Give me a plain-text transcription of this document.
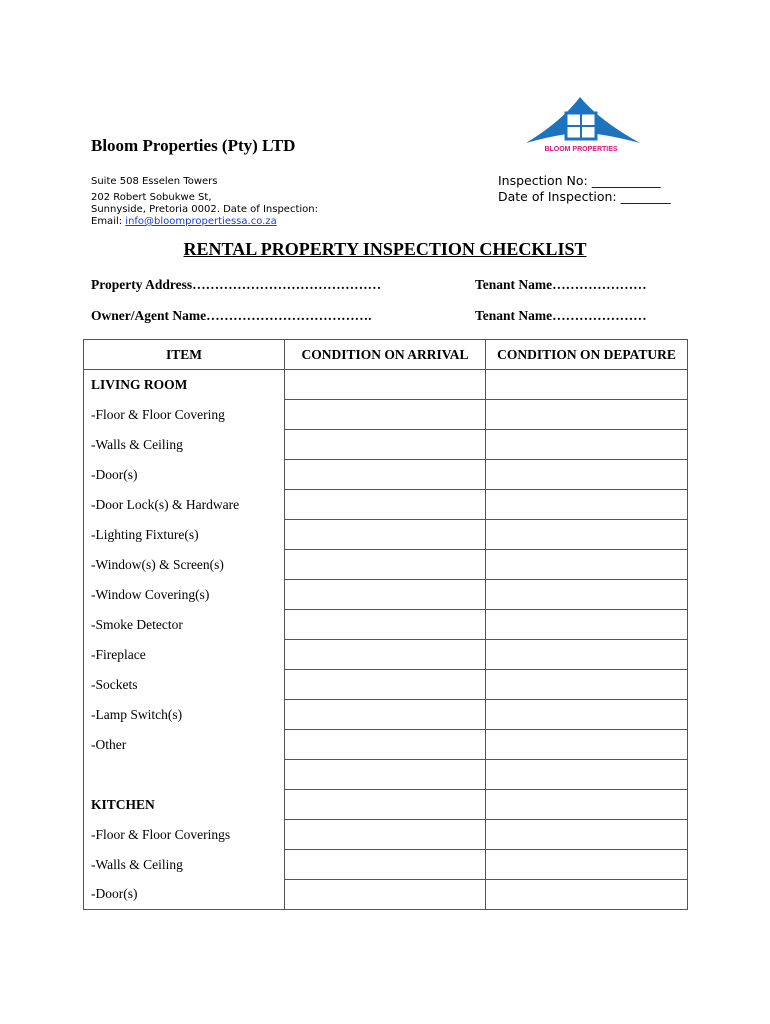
Bloom Properties (Pty) LTD	BLOOM PROPERTIES
Suite 508 Esselen Towers
202 Robert Sobukwe St,
Sunnyside, Pretoria 0002. Date of Inspection:
Email: info@bloompropertiessa.co.za
Inspection No: ___________
Date of Inspection: ________
RENTAL PROPERTY INSPECTION CHECKLIST
Property Address……………………………………	Tenant Name…………………
Owner/Agent Name……………………………….	Tenant Name…………………
ITEM	CONDITION ON ARRIVAL	CONDITION ON DEPATURE
LIVING ROOM		
-Floor & Floor Covering		
-Walls & Ceiling		
-Door(s)		
-Door Lock(s) & Hardware		
-Lighting Fixture(s)		
-Window(s) & Screen(s)		
-Window Covering(s)		
-Smoke Detector		
-Fireplace		
-Sockets		
-Lamp Switch(s)		
-Other		

KITCHEN		
-Floor & Floor Coverings		
-Walls & Ceiling		
-Door(s)		
